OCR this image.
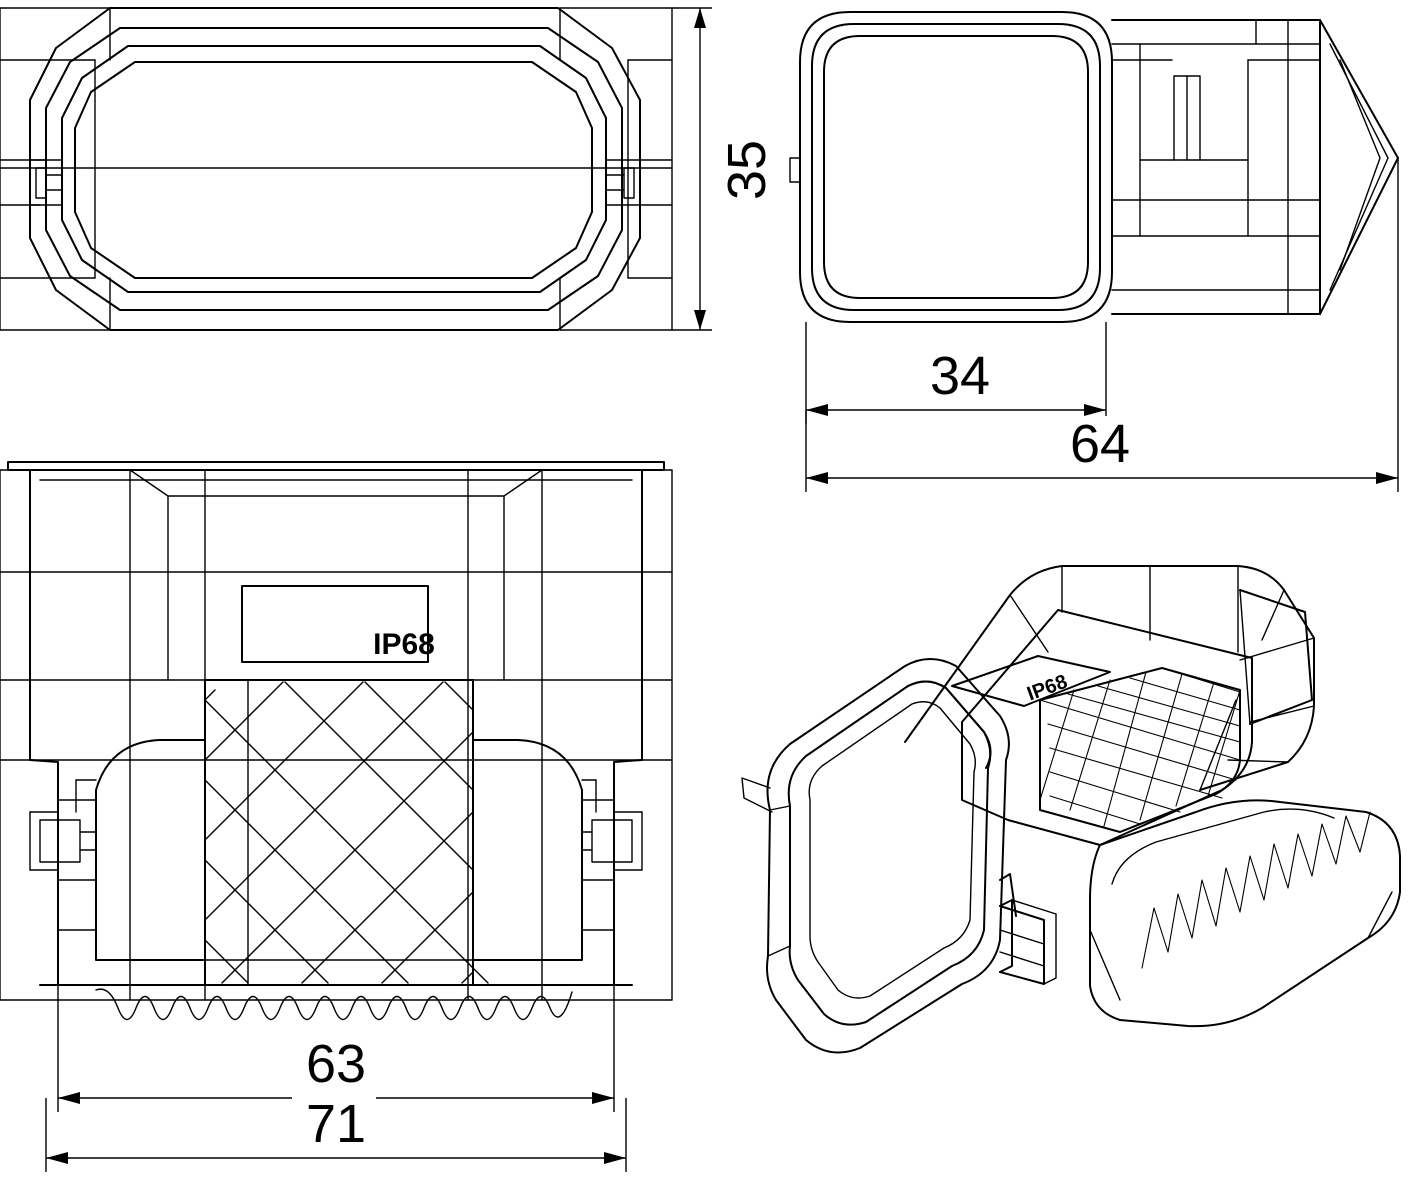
35
34
64
IP68
63
71
IP68
